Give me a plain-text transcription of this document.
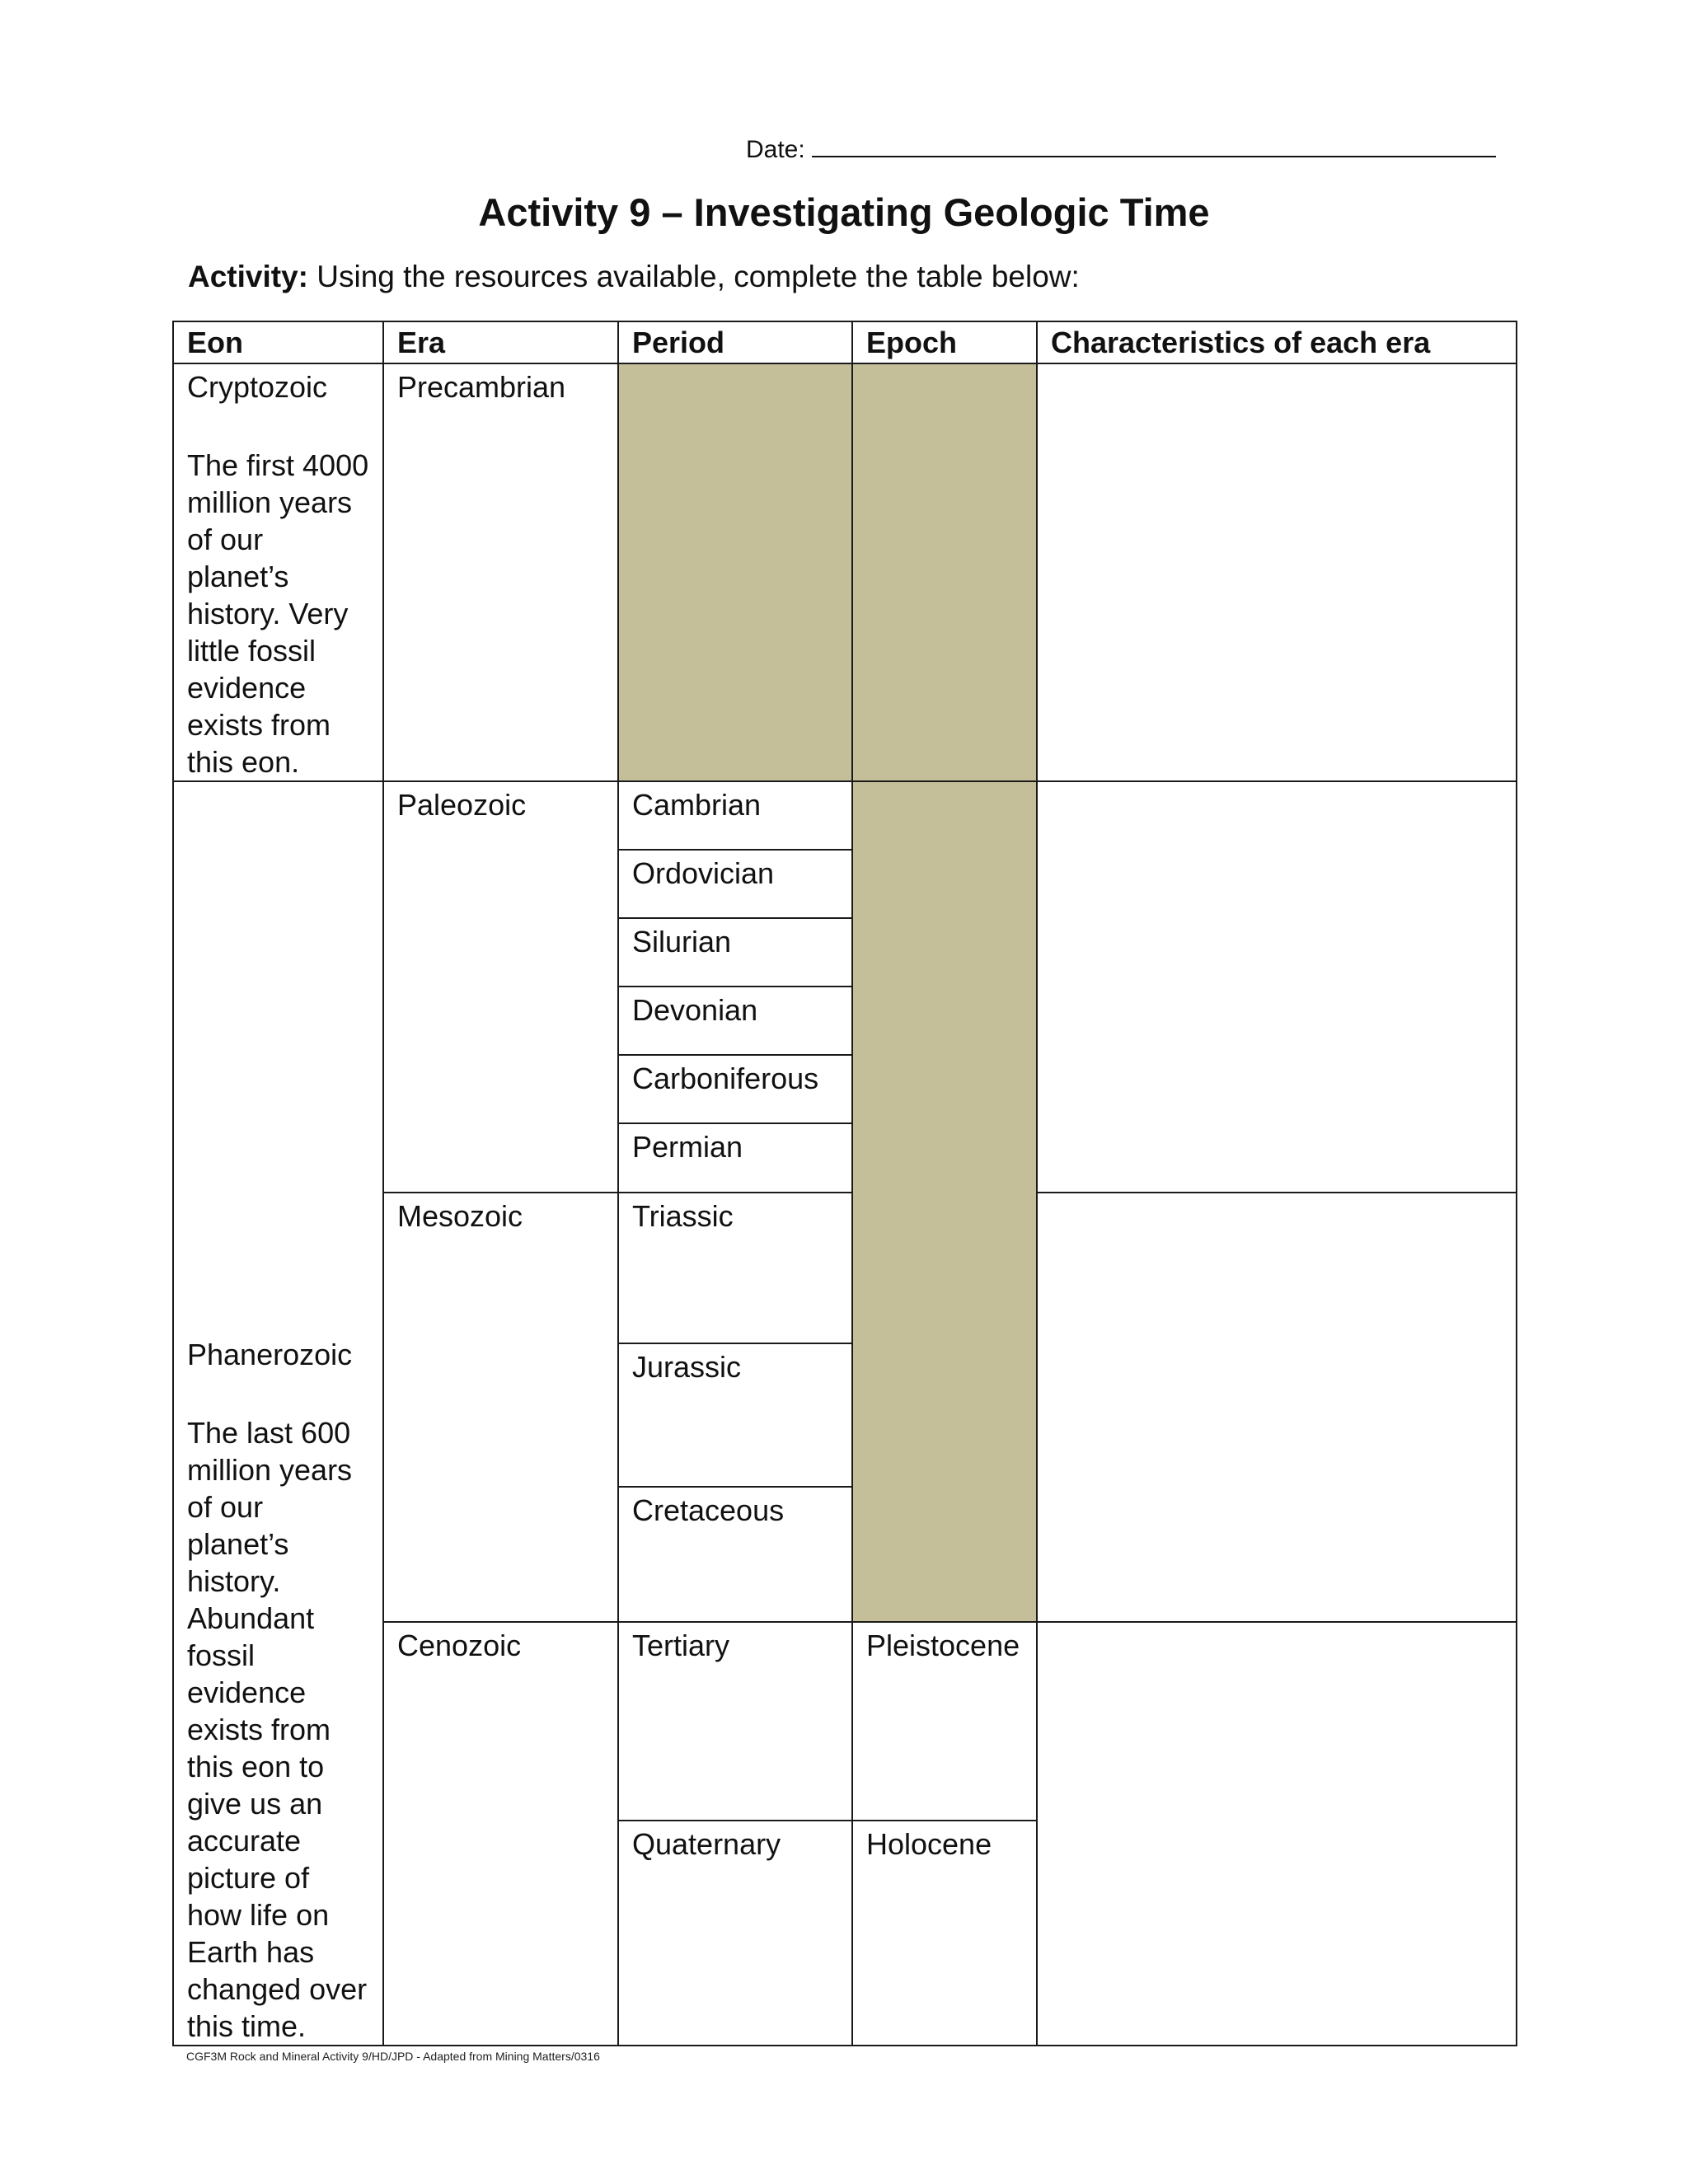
Date:
Activity 9 – Investigating Geologic Time
Activity: Using the resources available, complete the table below:
Eon	Era	Period	Epoch	Characteristics of each era

Cryptozoic
The first 4000 million years of our planet’s history. Very little fossil evidence exists from this eon.	Precambrian			

Phanerozoic
The last 600 million years of our planet’s history. Abundant fossil evidence exists from this eon to give us an accurate picture of how life on Earth has changed over this time.	Paleozoic	Cambrian		
		Ordovician		
		Silurian		
		Devonian		
		Carboniferous		
		Permian		
	Mesozoic	Triassic		
		Jurassic		
		Cretaceous		
	Cenozoic	Tertiary	Pleistocene	
		Quaternary	Holocene	

CGF3M Rock and Mineral Activity 9/HD/JPD - Adapted from Mining Matters/0316
